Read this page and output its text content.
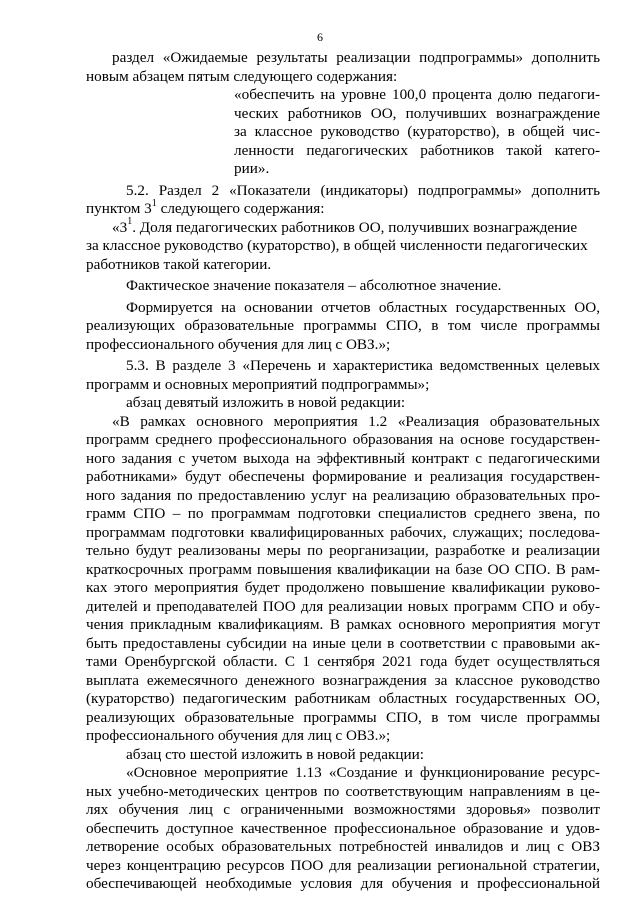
6
раздел «Ожидаемые результаты реализации подпрограммы» дополнить
новым абзацем пятым следующего содержания:
«обеспечить на уровне 100,0 процента долю педагоги-
ческих работников ОО, получивших вознаграждение
за классное руководство (кураторство), в общей чис-
ленности педагогических работников такой катего-
рии».
5.2. Раздел 2 «Показатели (индикаторы) подпрограммы» дополнить
пунктом $3^1$ следующего содержания:
«$3^1$. Доля педагогических работников ОО, получивших вознаграждение
за классное руководство (кураторство), в общей численности педагогических
работников такой категории.
Фактическое значение показателя – абсолютное значение.
Формируется на основании отчетов областных государственных ОО,
реализующих образовательные программы СПО, в том числе программы
профессионального обучения для лиц с ОВЗ.»;
5.3. В разделе 3 «Перечень и характеристика ведомственных целевых
программ и основных мероприятий подпрограммы»;
абзац девятый изложить в новой редакции:
«В рамках основного мероприятия 1.2 «Реализация образовательных
программ среднего профессионального образования на основе государствен-
ного задания с учетом выхода на эффективный контракт с педагогическими
работниками» будут обеспечены формирование и реализация государствен-
ного задания по предоставлению услуг на реализацию образовательных про-
грамм СПО – по программам подготовки специалистов среднего звена, по
программам подготовки квалифицированных рабочих, служащих; последова-
тельно будут реализованы меры по реорганизации, разработке и реализации
краткосрочных программ повышения квалификации на базе ОО СПО. В рам-
ках этого мероприятия будет продолжено повышение квалификации руково-
дителей и преподавателей ПОО для реализации новых программ СПО и обу-
чения прикладным квалификациям. В рамках основного мероприятия могут
быть предоставлены субсидии на иные цели в соответствии с правовыми ак-
тами Оренбургской области. С 1 сентября 2021 года будет осуществляться
выплата ежемесячного денежного вознаграждения за классное руководство
(кураторство) педагогическим работникам областных государственных ОО,
реализующих образовательные программы СПО, в том числе программы
профессионального обучения для лиц с ОВЗ.»;
абзац сто шестой изложить в новой редакции:
«Основное мероприятие 1.13 «Создание и функционирование ресурс-
ных учебно-методических центров по соответствующим направлениям в це-
лях обучения лиц с ограниченными возможностями здоровья» позволит
обеспечить доступное качественное профессиональное образование и удов-
летворение особых образовательных потребностей инвалидов и лиц с ОВЗ
через концентрацию ресурсов ПОО для реализации региональной стратегии,
обеспечивающей необходимые условия для обучения и профессиональной
